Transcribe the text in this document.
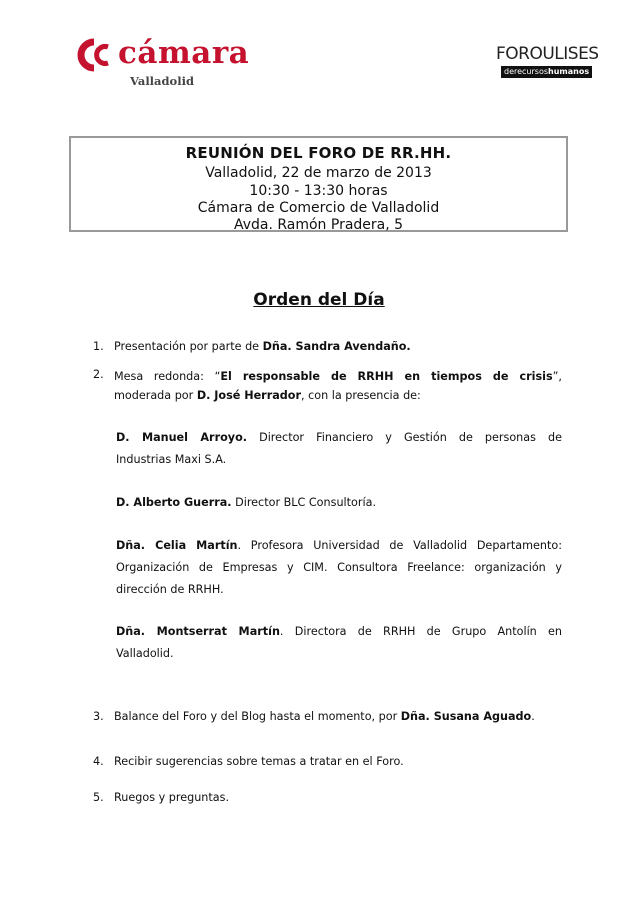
cámara
Valladolid
FOROULISES
derecursoshumanos
REUNIÓN DEL FORO DE RR.HH.
Valladolid, 22 de marzo de 2013
10:30 - 13:30 horas
Cámara de Comercio de Valladolid
Avda. Ramón Pradera, 5
Orden del Día
1. Presentación por parte de Dña. Sandra Avendaño.
2. Mesa redonda: “El responsable de RRHH en tiempos de crisis”,
moderada por D. José Herrador, con la presencia de:
D. Manuel Arroyo. Director Financiero y Gestión de personas de
Industrias Maxi S.A.
D. Alberto Guerra. Director BLC Consultoría.
Dña. Celia Martín. Profesora Universidad de Valladolid Departamento:
Organización de Empresas y CIM. Consultora Freelance: organización y
dirección de RRHH.
Dña. Montserrat Martín. Directora de RRHH de Grupo Antolín en
Valladolid.
3. Balance del Foro y del Blog hasta el momento, por Dña. Susana Aguado.
4. Recibir sugerencias sobre temas a tratar en el Foro.
5. Ruegos y preguntas.
